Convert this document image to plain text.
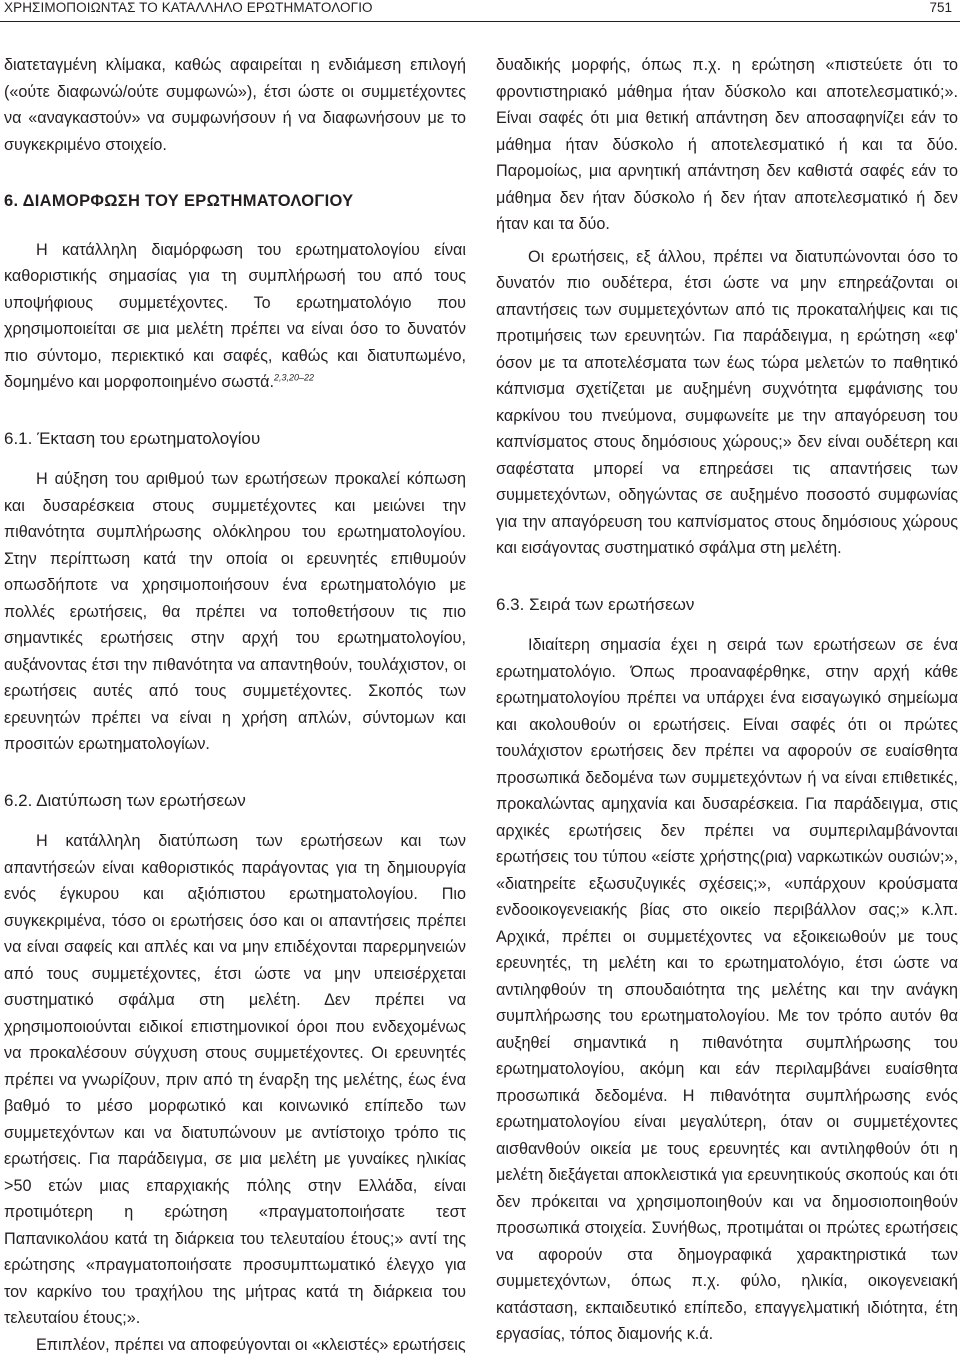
ΧΡΗΣΙΜΟΠΟΙΩΝΤΑΣ ΤΟ ΚΑΤΑΛΛΗΛΟ ΕΡΩΤΗΜΑΤΟΛΟΓΙΟ	751

διατεταγμένη κλίμακα, καθώς αφαιρείται η ενδιάμεση επιλογή («ούτε διαφωνώ/ούτε συμφωνώ»), έτσι ώστε οι συμμετέχοντες να «αναγκαστούν» να συμφωνήσουν ή να διαφωνήσουν με το συγκεκριμένο στοιχείο.

6. ΔΙΑΜΟΡΦΩΣΗ ΤΟΥ ΕΡΩΤΗΜΑΤΟΛΟΓΙΟΥ

Η κατάλληλη διαμόρφωση του ερωτηματολογίου είναι καθοριστικής σημασίας για τη συμπλήρωσή του από τους υποψήφιους συμμετέχοντες. Το ερωτηματολόγιο που χρησιμοποιείται σε μια μελέτη πρέπει να είναι όσο το δυνατόν πιο σύντομο, περιεκτικό και σαφές, καθώς και διατυπωμένο, δομημένο και μορφοποιημένο σωστά.$^{2,3,20-22}$

6.1. Έκταση του ερωτηματολογίου

Η αύξηση του αριθμού των ερωτήσεων προκαλεί κόπωση και δυσαρέσκεια στους συμμετέχοντες και μειώνει την πιθανότητα συμπλήρωσης ολόκληρου του ερωτηματολογίου. Στην περίπτωση κατά την οποία οι ερευνητές επιθυμούν οπωσδήποτε να χρησιμοποιήσουν ένα ερωτηματολόγιο με πολλές ερωτήσεις, θα πρέπει να τοποθετήσουν τις πιο σημαντικές ερωτήσεις στην αρχή του ερωτηματολογίου, αυξάνοντας έτσι την πιθανότητα να απαντηθούν, τουλάχιστον, οι ερωτήσεις αυτές από τους συμμετέχοντες. Σκοπός των ερευνητών πρέπει να είναι η χρήση απλών, σύντομων και προσιτών ερωτηματολογίων.

6.2. Διατύπωση των ερωτήσεων

Η κατάλληλη διατύπωση των ερωτήσεων και των απαντήσεών είναι καθοριστικός παράγοντας για τη δημιουργία ενός έγκυρου και αξιόπιστου ερωτηματολογίου. Πιο συγκεκριμένα, τόσο οι ερωτήσεις όσο και οι απαντήσεις πρέπει να είναι σαφείς και απλές και να μην επιδέχονται παρερμηνειών από τους συμμετέχοντες, έτσι ώστε να μην υπεισέρχεται συστηματικό σφάλμα στη μελέτη. Δεν πρέπει να χρησιμοποιούνται ειδικοί επιστημονικοί όροι που ενδεχομένως να προκαλέσουν σύγχυση στους συμμετέχοντες. Οι ερευνητές πρέπει να γνωρίζουν, πριν από τη έναρξη της μελέτης, έως ένα βαθμό το μέσο μορφωτικό και κοινωνικό επίπεδο των συμμετεχόντων και να διατυπώνουν με αντίστοιχο τρόπο τις ερωτήσεις. Για παράδειγμα, σε μια μελέτη με γυναίκες ηλικίας >50 ετών μιας επαρχιακής πόλης στην Ελλάδα, είναι προτιμότερη η ερώτηση «πραγματοποιήσατε τεστ Παπανικολάου κατά τη διάρκεια του τελευταίου έτους;» αντί της ερώτησης «πραγματοποιήσατε προσυμπτωματικό έλεγχο για τον καρκίνο του τραχήλου της μήτρας κατά τη διάρκεια του τελευταίου έτους;».

Επιπλέον, πρέπει να αποφεύγονται οι «κλειστές» ερωτήσεις

δυαδικής μορφής, όπως π.χ. η ερώτηση «πιστεύετε ότι το φροντιστηριακό μάθημα ήταν δύσκολο και αποτελεσματικό;». Είναι σαφές ότι μια θετική απάντηση δεν αποσαφηνίζει εάν το μάθημα ήταν δύσκολο ή αποτελεσματικό ή και τα δύο. Παρομοίως, μια αρνητική απάντηση δεν καθιστά σαφές εάν το μάθημα δεν ήταν δύσκολο ή δεν ήταν αποτελεσματικό ή δεν ήταν και τα δύο.

Οι ερωτήσεις, εξ άλλου, πρέπει να διατυπώνονται όσο το δυνατόν πιο ουδέτερα, έτσι ώστε να μην επηρεάζονται οι απαντήσεις των συμμετεχόντων από τις προκαταλήψεις και τις προτιμήσεις των ερευνητών. Για παράδειγμα, η ερώτηση «εφ' όσον με τα αποτελέσματα των έως τώρα μελετών το παθητικό κάπνισμα σχετίζεται με αυξημένη συχνότητα εμφάνισης του καρκίνου του πνεύμονα, συμφωνείτε με την απαγόρευση του καπνίσματος στους δημόσιους χώρους;» δεν είναι ουδέτερη και σαφέστατα μπορεί να επηρεάσει τις απαντήσεις των συμμετεχόντων, οδηγώντας σε αυξημένο ποσοστό συμφωνίας για την απαγόρευση του καπνίσματος στους δημόσιους χώρους και εισάγοντας συστηματικό σφάλμα στη μελέτη.

6.3. Σειρά των ερωτήσεων

Ιδιαίτερη σημασία έχει η σειρά των ερωτήσεων σε ένα ερωτηματολόγιο. Όπως προαναφέρθηκε, στην αρχή κάθε ερωτηματολογίου πρέπει να υπάρχει ένα εισαγωγικό σημείωμα και ακολουθούν οι ερωτήσεις. Είναι σαφές ότι οι πρώτες τουλάχιστον ερωτήσεις δεν πρέπει να αφορούν σε ευαίσθητα προσωπικά δεδομένα των συμμετεχόντων ή να είναι επιθετικές, προκαλώντας αμηχανία και δυσαρέσκεια. Για παράδειγμα, στις αρχικές ερωτήσεις δεν πρέπει να συμπεριλαμβάνονται ερωτήσεις του τύπου «είστε χρήστης(ρια) ναρκωτικών ουσιών;», «διατηρείτε εξωσυζυγικές σχέσεις;», «υπάρχουν κρούσματα ενδοοικογενειακής βίας στο οικείο περιβάλλον σας;» κ.λπ. Αρχικά, πρέπει οι συμμετέχοντες να εξοικειωθούν με τους ερευνητές, τη μελέτη και το ερωτηματολόγιο, έτσι ώστε να αντιληφθούν τη σπουδαιότητα της μελέτης και την ανάγκη συμπλήρωσης του ερωτηματολογίου. Με τον τρόπο αυτόν θα αυξηθεί σημαντικά η πιθανότητα συμπλήρωσης του ερωτηματολογίου, ακόμη και εάν περιλαμβάνει ευαίσθητα προσωπικά δεδομένα. Η πιθανότητα συμπλήρωσης ενός ερωτηματολογίου είναι μεγαλύτερη, όταν οι συμμετέχοντες αισθανθούν οικεία με τους ερευνητές και αντιληφθούν ότι η μελέτη διεξάγεται αποκλειστικά για ερευνητικούς σκοπούς και ότι δεν πρόκειται να χρησιμοποιηθούν και να δημοσιοποιηθούν προσωπικά στοιχεία. Συνήθως, προτιμάται οι πρώτες ερωτήσεις να αφορούν στα δημογραφικά χαρακτηριστικά των συμμετεχόντων, όπως π.χ. φύλο, ηλικία, οικογενειακή κατάσταση, εκπαιδευτικό επίπεδο, επαγγελματική ιδιότητα, έτη εργασίας, τόπος διαμονής κ.ά.
